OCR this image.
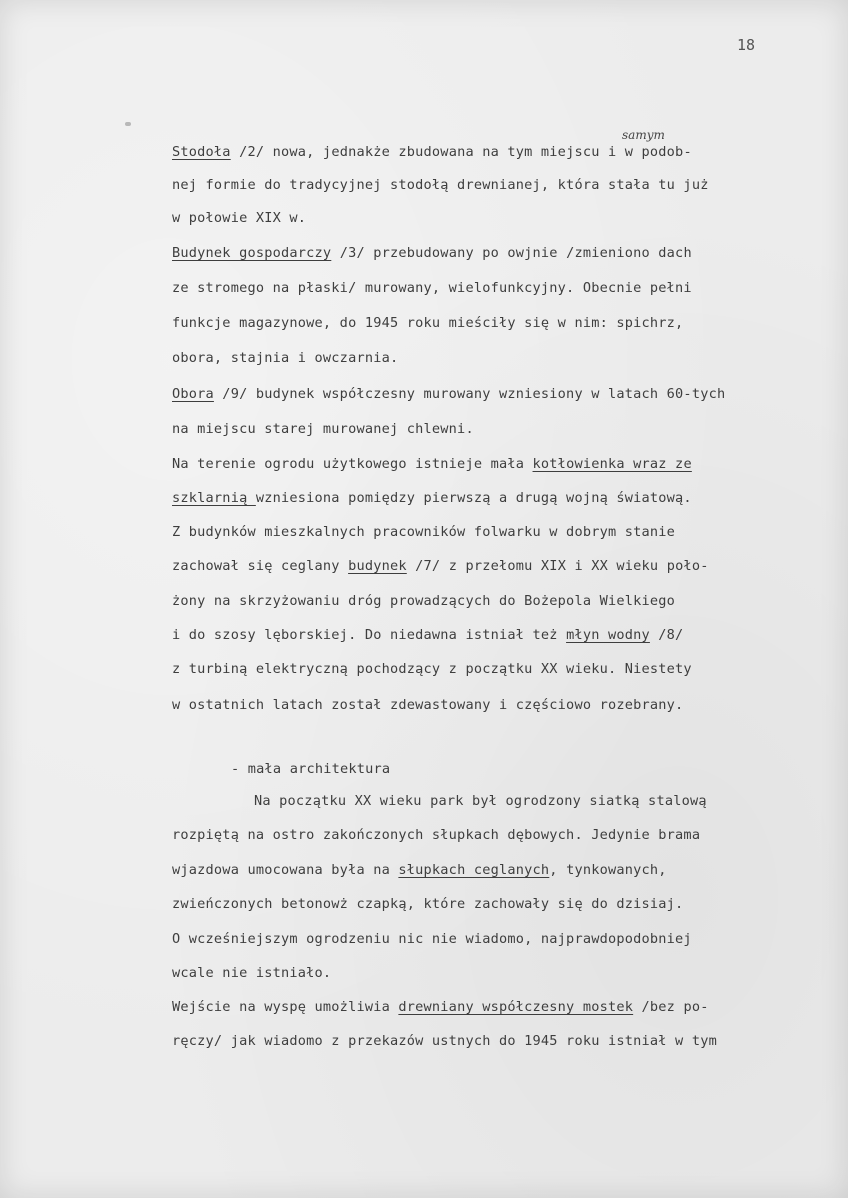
18
samym
Stodoła /2/ nowa, jednakże zbudowana na tym miejscu i w podob-
nej formie do tradycyjnej stodołą drewnianej, która stała tu już
w połowie XIX w.
Budynek gospodarczy /3/ przebudowany po owjnie /zmieniono dach
ze stromego na płaski/ murowany, wielofunkcyjny. Obecnie pełni
funkcje magazynowe, do 1945 roku mieściły się w nim: spichrz,
obora, stajnia i owczarnia.
Obora /9/ budynek współczesny murowany wzniesiony w latach 60-tych
na miejscu starej murowanej chlewni.
Na terenie ogrodu użytkowego istnieje mała kotłowienka wraz ze
szklarnią wzniesiona pomiędzy pierwszą a drugą wojną światową.
Z budynków mieszkalnych pracowników folwarku w dobrym stanie
zachował się ceglany budynek /7/ z przełomu XIX i XX wieku poło-
żony na skrzyżowaniu dróg prowadzących do Bożepola Wielkiego
i do szosy lęborskiej. Do niedawna istniał też młyn wodny /8/
z turbiną elektryczną pochodzący z początku XX wieku. Niestety
w ostatnich latach został zdewastowany i częściowo rozebrany.
- mała architektura
Na początku XX wieku park był ogrodzony siatką stalową
rozpiętą na ostro zakończonych słupkach dębowych. Jedynie brama
wjazdowa umocowana była na słupkach ceglanych, tynkowanych,
zwieńczonych betonowż czapką, które zachowały się do dzisiaj.
O wcześniejszym ogrodzeniu nic nie wiadomo, najprawdopodobniej
wcale nie istniało.
Wejście na wyspę umożliwia drewniany współczesny mostek /bez po-
ręczy/ jak wiadomo z przekazów ustnych do 1945 roku istniał w tym
